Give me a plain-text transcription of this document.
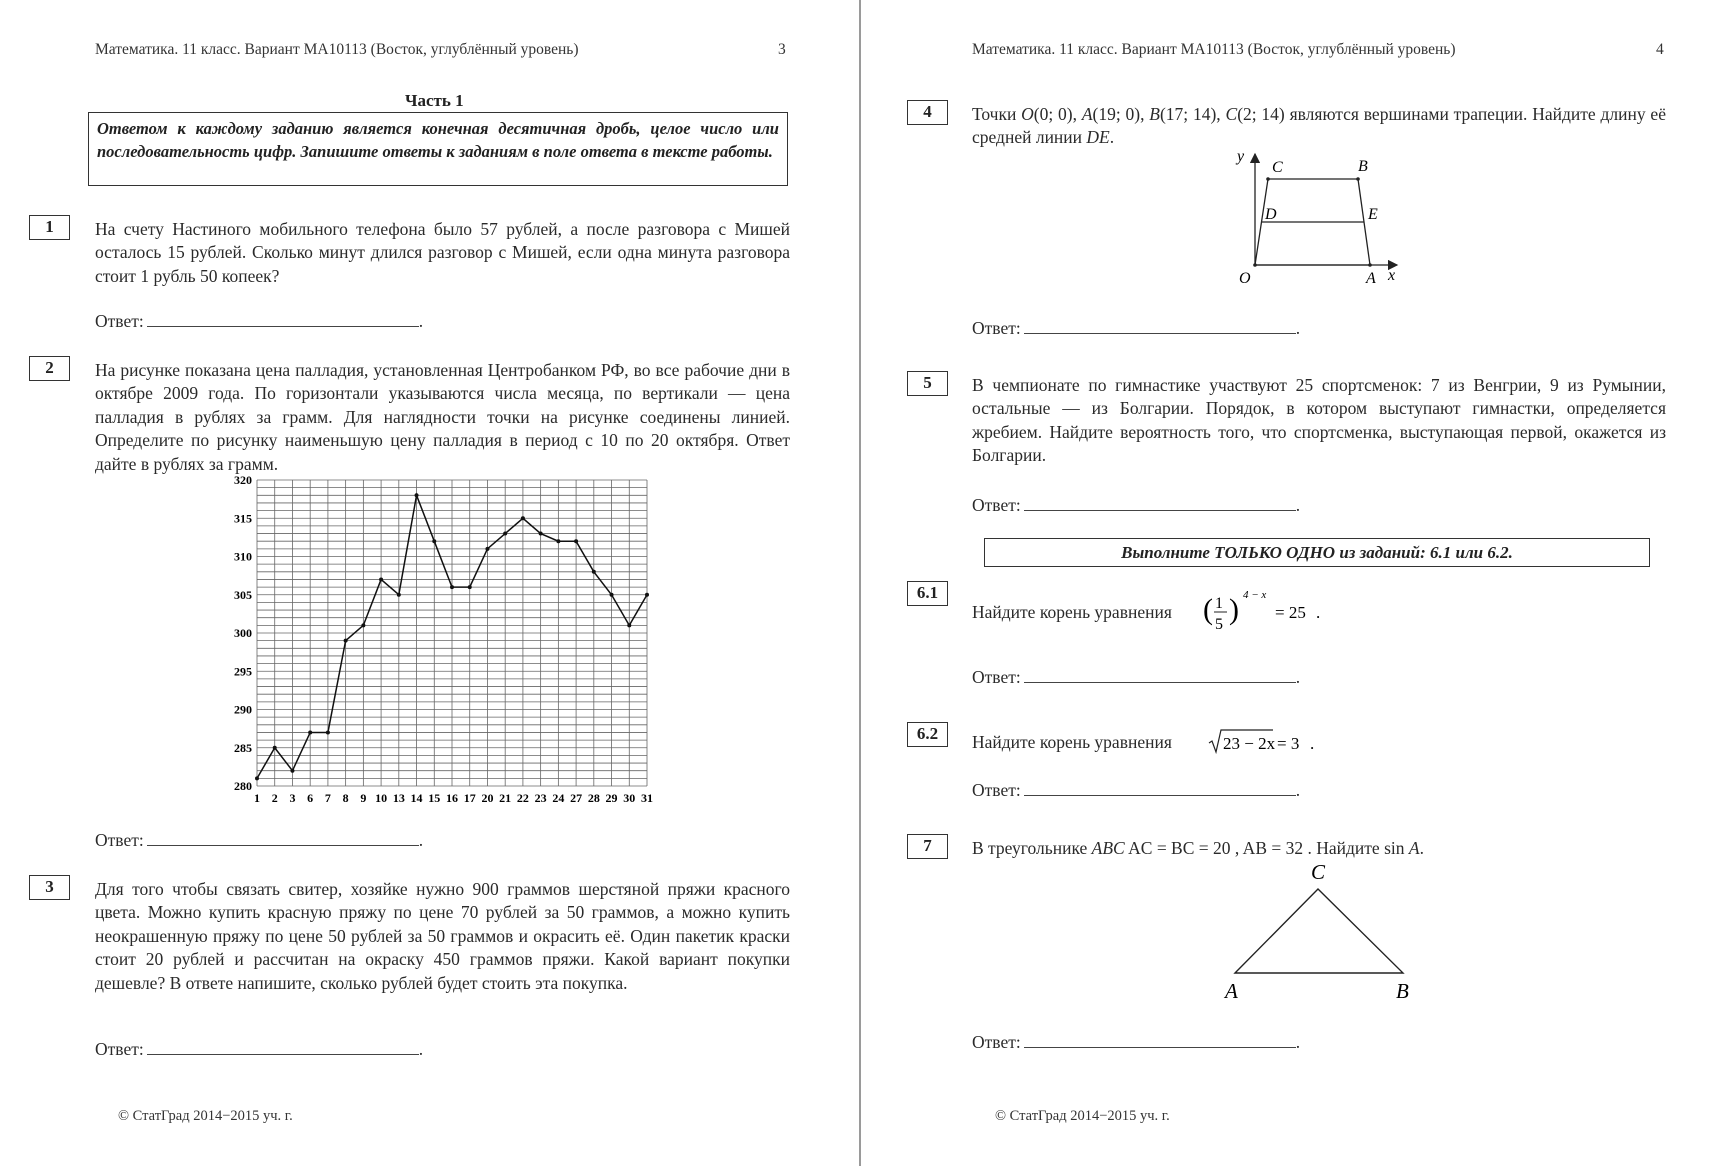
Математика. 11 класс. Вариант МА10113 (Восток, углублённый уровень)	3
Часть 1
Ответом к каждому заданию является конечная десятичная дробь, целое число или последовательность цифр. Запишите ответы к заданиям в поле ответа в тексте работы.
1	На счету Настиного мобильного телефона было 57 рублей, а после разговора с Мишей осталось 15 рублей. Сколько минут длился разговор с Мишей, если одна минута разговора стоит 1 рубль 50 копеек?
Ответ:	.
2	На рисунке показана цена палладия, установленная Центробанком РФ, во все рабочие дни в октябре 2009 года. По горизонтали указываются числа месяца, по вертикали — цена палладия в рублях за грамм. Для наглядности точки на рисунке соединены линией. Определите по рисунку наименьшую цену палладия в период с 10 по 20 октября. Ответ дайте в рублях за грамм.
280
285
290
295
300
305
310
315
320
1 2 3 6 7 8 9 10 13 14 15 16 17 20 21 22 23 24 27 28 29 30 31
Ответ:	.
3	Для того чтобы связать свитер, хозяйке нужно 900 граммов шерстяной пряжи красного цвета. Можно купить красную пряжу по цене 70 рублей за 50 граммов, а можно купить неокрашенную пряжу по цене 50 рублей за 50 граммов и окрасить её. Один пакетик краски стоит 20 рублей и рассчитан на окраску 450 граммов пряжи. Какой вариант покупки дешевле? В ответе напишите, сколько рублей будет стоить эта покупка.
Ответ:	.
© СтатГрад 2014−2015 уч. г.
Математика. 11 класс. Вариант МА10113 (Восток, углублённый уровень)	4
4	Точки O(0; 0), A(19; 0), B(17; 14), C(2; 14) являются вершинами трапеции. Найдите длину её средней линии DE.
y
x
O	A
B
C
D	E
Ответ:	.
5	В чемпионате по гимнастике участвуют 25 спортсменок: 7 из Венгрии, 9 из Румынии, остальные — из Болгарии. Порядок, в котором выступают гимнастки, определяется жребием. Найдите вероятность того, что спортсменка, выступающая первой, окажется из Болгарии.
Ответ:	.
Выполните ТОЛЬКО ОДНО из заданий: 6.1 или 6.2.
6.1
Найдите корень уравнения ( 1
5 ) 4 − x
= 25 .
Ответ:	.
6.2	Найдите корень уравнения	23 − 2x = 3 .
Ответ:	.
7	В треугольнике ABC AC = BC = 20 , AB = 32 . Найдите sin A.
A	B
C
Ответ:	.
© СтатГрад 2014−2015 уч. г.
